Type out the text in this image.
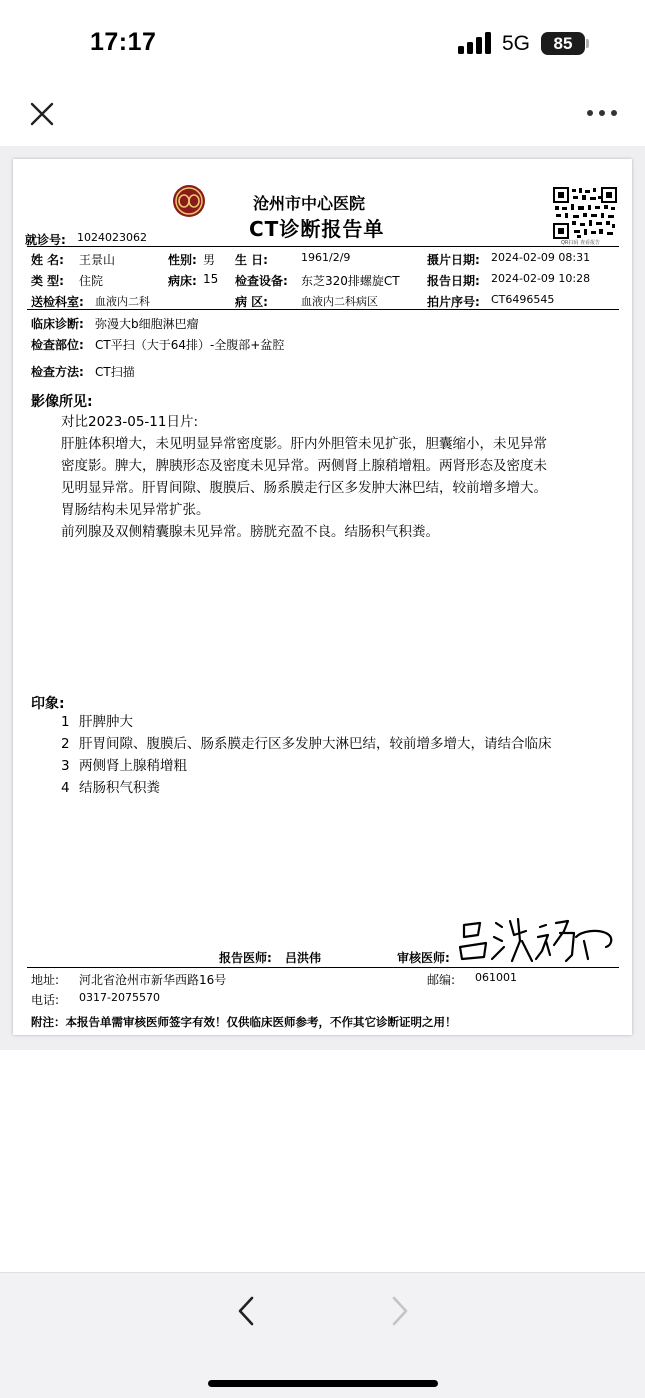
17:17	5G	85
沧州市中心医院
CT诊断报告单
QR扫码 查看报告
就诊号: 1024023062
姓 名: 王景山	性别: 男 生 日:	1961/2/9	摄片日期: 2024-02-09 08:31
类 型: 住院	病床: 15 检查设备: 东芝320排螺旋CT 报告日期: 2024-02-09 10:28
送检科室: 血液内二科	病 区:	血液内二科病区	拍片序号: CT6496545
临床诊断: 弥漫大b细胞淋巴瘤
检查部位: CT平扫（大于64排）-全腹部+盆腔
检查方法: CT扫描
影像所见:

对比2023-05-11日片:

肝脏体积增大，未见明显异常密度影。肝内外胆管未见扩张，胆囊缩小，未见异常

密度影。脾大，脾胰形态及密度未见异常。两侧肾上腺稍增粗。两肾形态及密度未

见明显异常。肝胃间隙、腹膜后、肠系膜走行区多发肿大淋巴结，较前增多增大。

胃肠结构未见异常扩张。

前列腺及双侧精囊腺未见异常。膀胱充盈不良。结肠积气积粪。

印象:
1 肝脾肿大
2 肝胃间隙、腹膜后、肠系膜走行区多发肿大淋巴结，较前增多增大，请结合临床
3 两侧肾上腺稍增粗
4 结肠积气积粪
报告医师: 吕洪伟	审核医师:
地址: 河北省沧州市新华西路16号	邮编: 061001
电话: 0317-2075570
附注：本报告单需审核医师签字有效！仅供临床医师参考，不作其它诊断证明之用！
